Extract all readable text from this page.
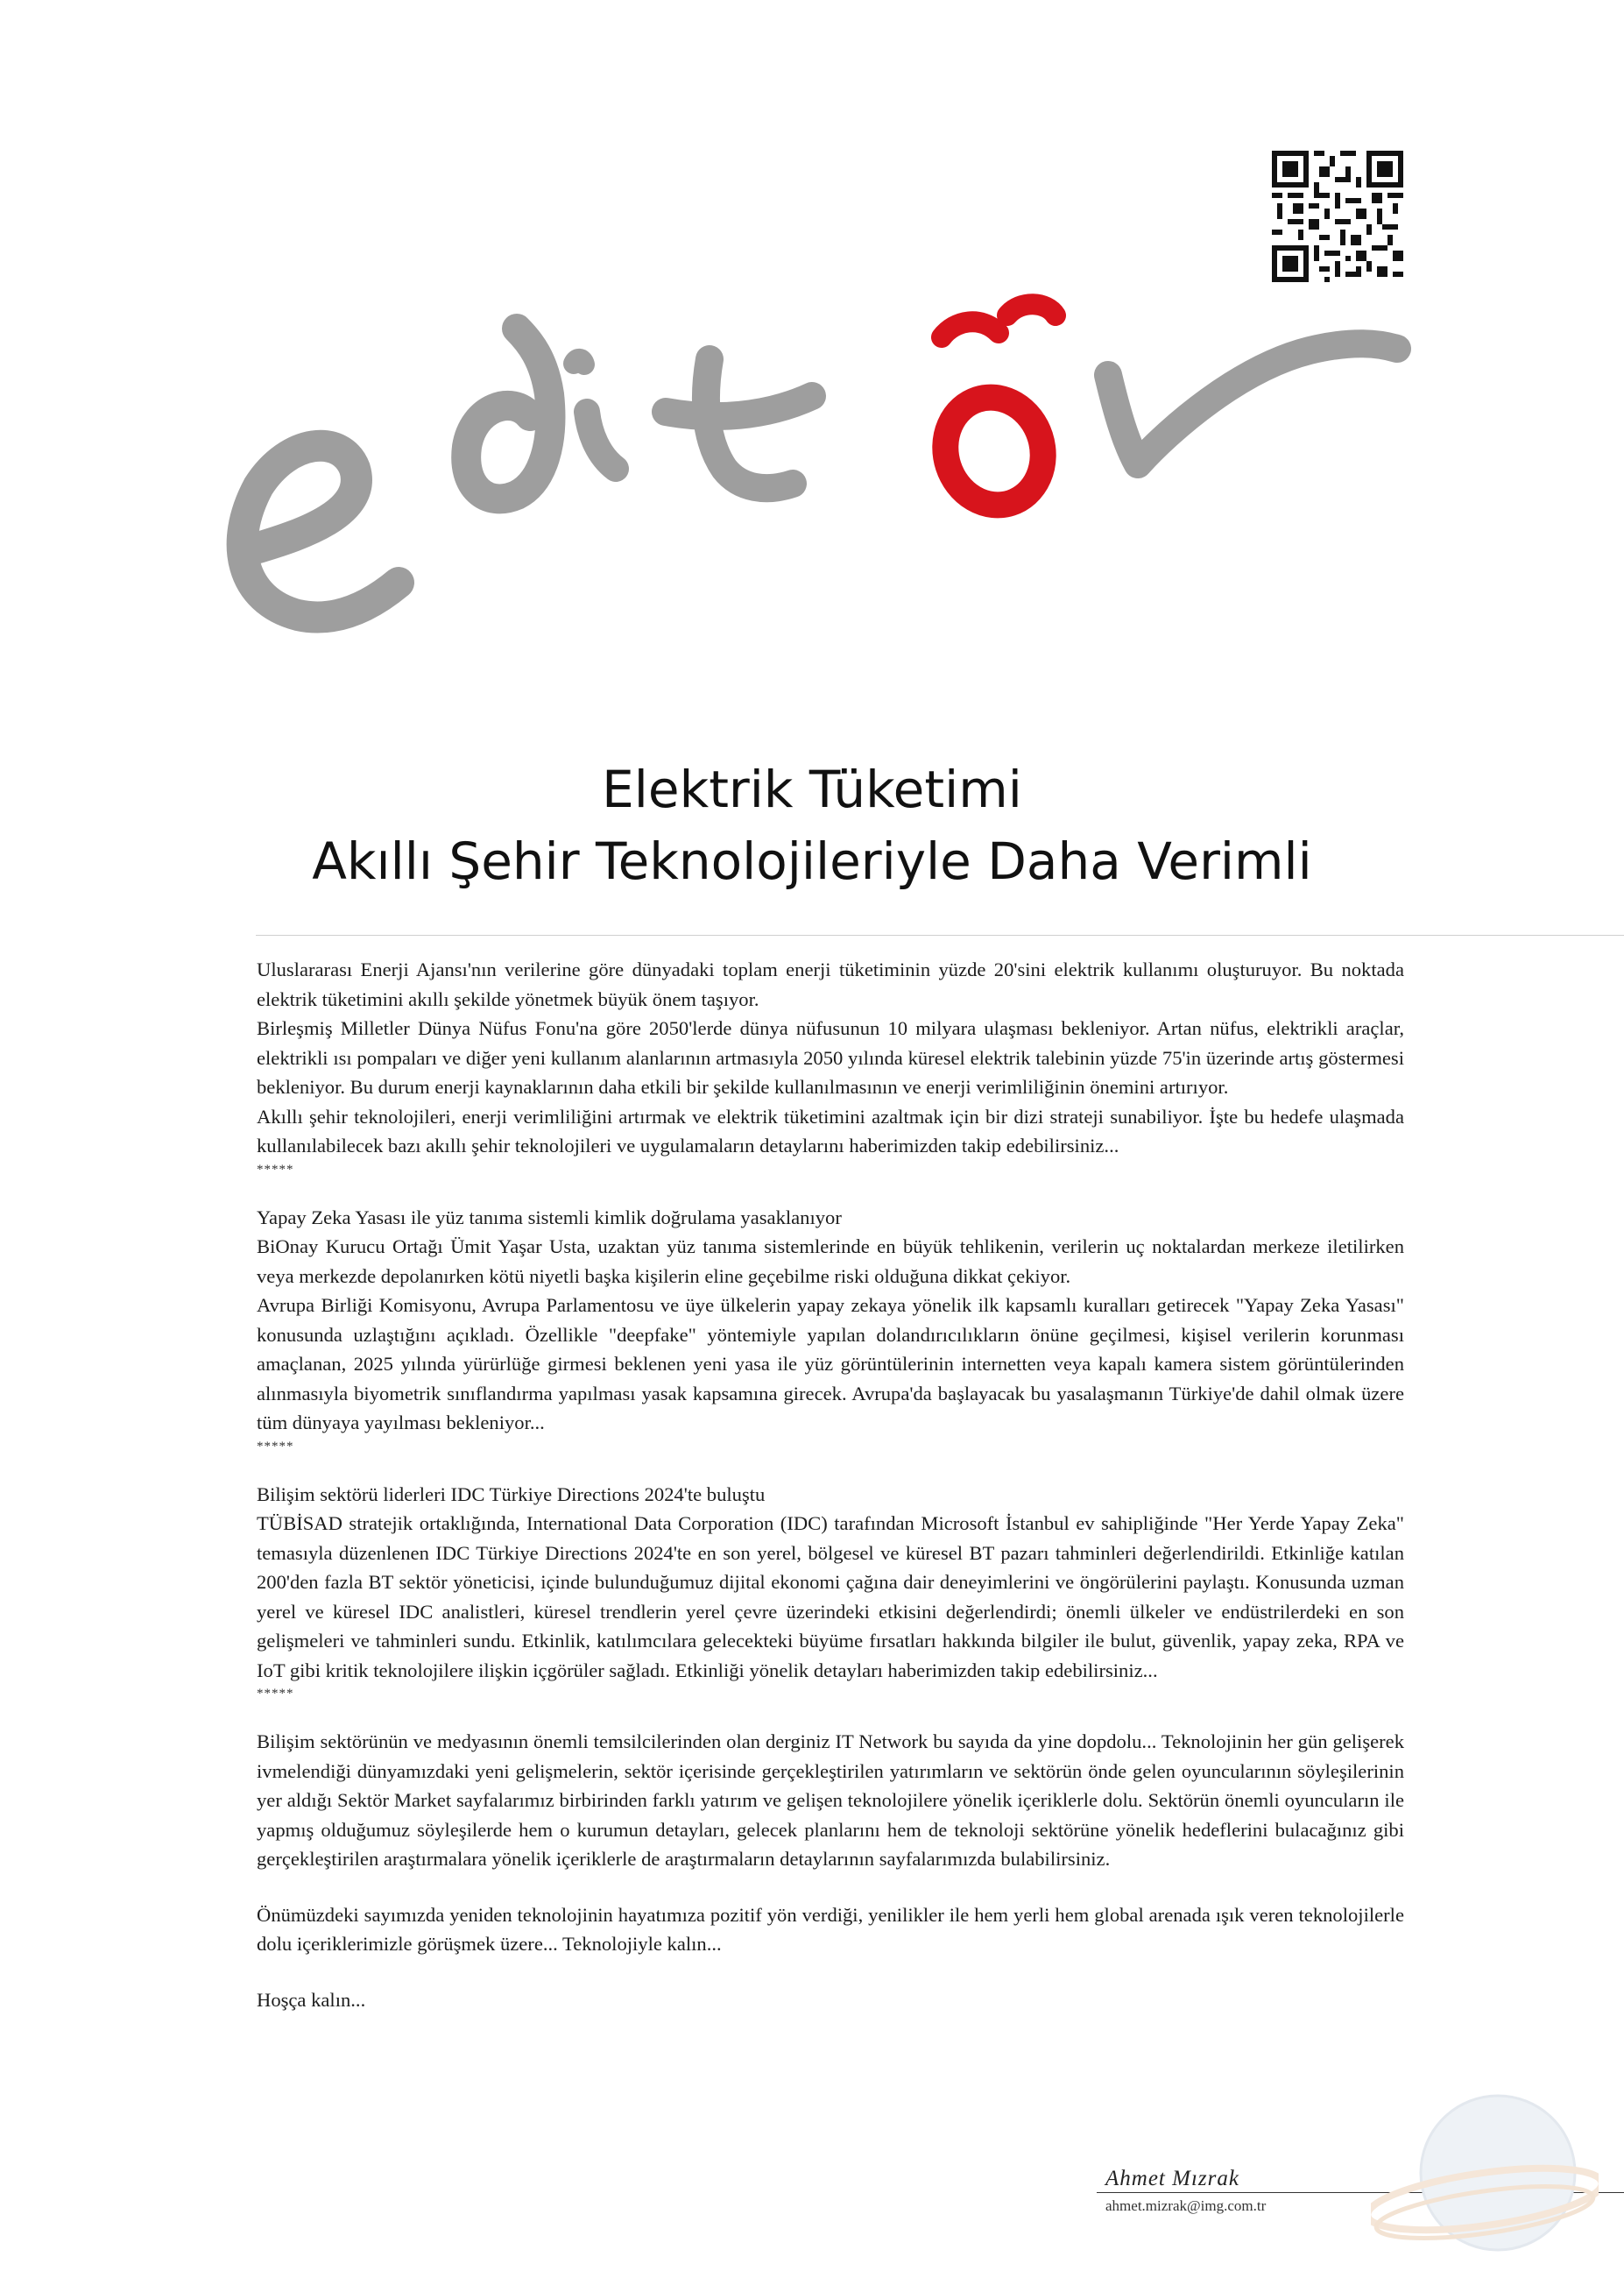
Elektrik Tüketimi
Akıllı Şehir Teknolojileriyle Daha Verimli

Uluslararası Enerji Ajansı'nın verilerine göre dünyadaki toplam enerji tüketiminin yüzde 20'sini elektrik kullanımı oluşturuyor. Bu noktada elektrik tüketimini akıllı şekilde yönetmek büyük önem taşıyor.

Birleşmiş Milletler Dünya Nüfus Fonu'na göre 2050'lerde dünya nüfusunun 10 milyara ulaşması bekleniyor. Artan nüfus, elektrikli araçlar, elektrikli ısı pompaları ve diğer yeni kullanım alanlarının artmasıyla 2050 yılında küresel elektrik talebinin yüzde 75'in üzerinde artış göstermesi bekleniyor. Bu durum enerji kaynaklarının daha etkili bir şekilde kullanılmasının ve enerji verimliliğinin önemini artırıyor.

Akıllı şehir teknolojileri, enerji verimliliğini artırmak ve elektrik tüketimini azaltmak için bir dizi strateji sunabiliyor. İşte bu hedefe ulaşmada kullanılabilecek bazı akıllı şehir teknolojileri ve uygulamaların detaylarını haberimizden takip edebilirsiniz...

*****

Yapay Zeka Yasası ile yüz tanıma sistemli kimlik doğrulama yasaklanıyor

BiOnay Kurucu Ortağı Ümit Yaşar Usta, uzaktan yüz tanıma sistemlerinde en büyük tehlikenin, verilerin uç noktalardan merkeze iletilirken veya merkezde depolanırken kötü niyetli başka kişilerin eline geçebilme riski olduğuna dikkat çekiyor.

Avrupa Birliği Komisyonu, Avrupa Parlamentosu ve üye ülkelerin yapay zekaya yönelik ilk kapsamlı kuralları getirecek "Yapay Zeka Yasası" konusunda uzlaştığını açıkladı. Özellikle "deepfake" yöntemiyle yapılan dolandırıcılıkların önüne geçilmesi, kişisel verilerin korunması amaçlanan, 2025 yılında yürürlüğe girmesi beklenen yeni yasa ile yüz görüntülerinin internetten veya kapalı kamera sistem görüntülerinden alınmasıyla biyometrik sınıflandırma yapılması yasak kapsamına girecek. Avrupa'da başlayacak bu yasalaşmanın Türkiye'de dahil olmak üzere tüm dünyaya yayılması bekleniyor...

*****

Bilişim sektörü liderleri IDC Türkiye Directions 2024'te buluştu

TÜBİSAD stratejik ortaklığında, International Data Corporation (IDC) tarafından Microsoft İstanbul ev sahipliğinde "Her Yerde Yapay Zeka" temasıyla düzenlenen IDC Türkiye Directions 2024'te en son yerel, bölgesel ve küresel BT pazarı tahminleri değerlendirildi. Etkinliğe katılan 200'den fazla BT sektör yöneticisi, içinde bulunduğumuz dijital ekonomi çağına dair deneyimlerini ve öngörülerini paylaştı. Konusunda uzman yerel ve küresel IDC analistleri, küresel trendlerin yerel çevre üzerindeki etkisini değerlendirdi; önemli ülkeler ve endüstrilerdeki en son gelişmeleri ve tahminleri sundu. Etkinlik, katılımcılara gelecekteki büyüme fırsatları hakkında bilgiler ile bulut, güvenlik, yapay zeka, RPA ve IoT gibi kritik teknolojilere ilişkin içgörüler sağladı. Etkinliği yönelik detayları haberimizden takip edebilirsiniz...

*****

Bilişim sektörünün ve medyasının önemli temsilcilerinden olan derginiz IT Network bu sayıda da yine dopdolu... Teknolojinin her gün gelişerek ivmelendiği dünyamızdaki yeni gelişmelerin, sektör içerisinde gerçekleştirilen yatırımların ve sektörün önde gelen oyuncularının söyleşilerinin yer aldığı Sektör Market sayfalarımız birbirinden farklı yatırım ve gelişen teknolojilere yönelik içeriklerle dolu. Sektörün önemli oyuncuların ile yapmış olduğumuz söyleşilerde hem o kurumun detayları, gelecek planlarını hem de teknoloji sektörüne yönelik hedeflerini bulacağınız gibi gerçekleştirilen araştırmalara yönelik içeriklerle de araştırmaların detaylarının sayfalarımızda bulabilirsiniz.

Önümüzdeki sayımızda yeniden teknolojinin hayatımıza pozitif yön verdiği, yenilikler ile hem yerli hem global arenada ışık veren teknolojilerle dolu içeriklerimizle görüşmek üzere... Teknolojiyle kalın...

Hoşça kalın...

Ahmet Mızrak
ahmet.mizrak@img.com.tr
